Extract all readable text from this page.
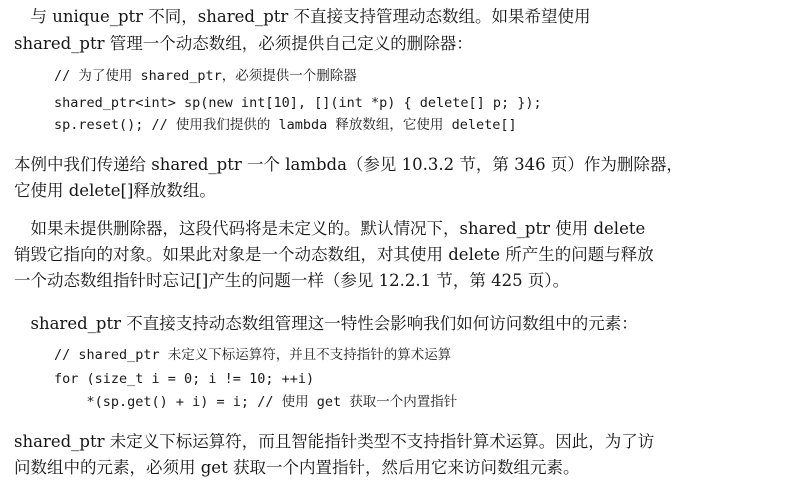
　与 unique_ptr 不同，shared_ptr 不直接支持管理动态数组。如果希望使用
shared_ptr 管理一个动态数组，必须提供自己定义的删除器：
// 为了使用 shared_ptr，必须提供一个删除器
shared_ptr<int> sp(new int[10], [](int *p) { delete[] p; });
sp.reset(); // 使用我们提供的 lambda 释放数组，它使用 delete[]
本例中我们传递给 shared_ptr 一个 lambda（参见 10.3.2 节，第 346 页）作为删除器，
它使用 delete[]释放数组。
　如果未提供删除器，这段代码将是未定义的。默认情况下，shared_ptr 使用 delete
销毁它指向的对象。如果此对象是一个动态数组，对其使用 delete 所产生的问题与释放
一个动态数组指针时忘记[]产生的问题一样（参见 12.2.1 节，第 425 页）。
　shared_ptr 不直接支持动态数组管理这一特性会影响我们如何访问数组中的元素：
// shared_ptr 未定义下标运算符，并且不支持指针的算术运算
for (size_t i = 0; i != 10; ++i)
*(sp.get() + i) = i; // 使用 get 获取一个内置指针
shared_ptr 未定义下标运算符，而且智能指针类型不支持指针算术运算。因此，为了访
问数组中的元素，必须用 get 获取一个内置指针，然后用它来访问数组元素。
